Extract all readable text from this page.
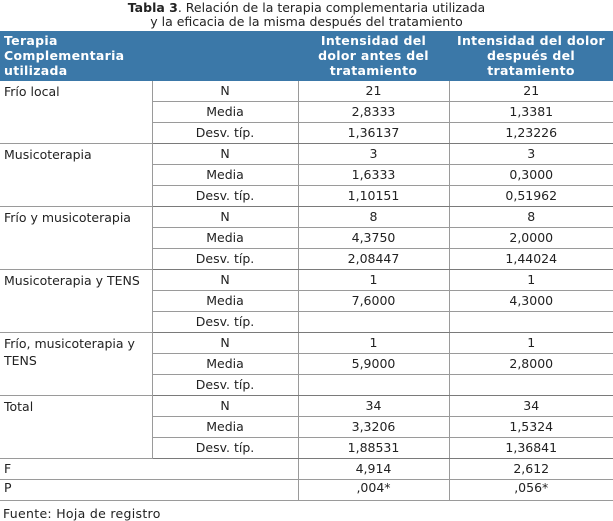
Tabla 3. Relación de la terapia complementaria utilizada
y la eficacia de la misma después del tratamiento
Terapia Complementaria utilizada		Intensidad del dolor antes del tratamiento	Intensidad del dolor después del tratamiento
Frío local	N	21	21
	Media	2,8333	1,3381
	Desv. típ.	1,36137	1,23226
Musicoterapia	N	3	3
	Media	1,6333	0,3000
	Desv. típ.	1,10151	0,51962
Frío y musicoterapia	N	8	8
	Media	4,3750	2,0000
	Desv. típ.	2,08447	1,44024
Musicoterapia y TENS	N	1	1
	Media	7,6000	4,3000
	Desv. típ.		
Frío, musicoterapia y TENS	N	1	1
	Media	5,9000	2,8000
	Desv. típ.		
Total	N	34	34
	Media	3,3206	1,5324
	Desv. típ.	1,88531	1,36841
F		4,914	2,612
P		,004*	,056*
Fuente: Hoja de registro
